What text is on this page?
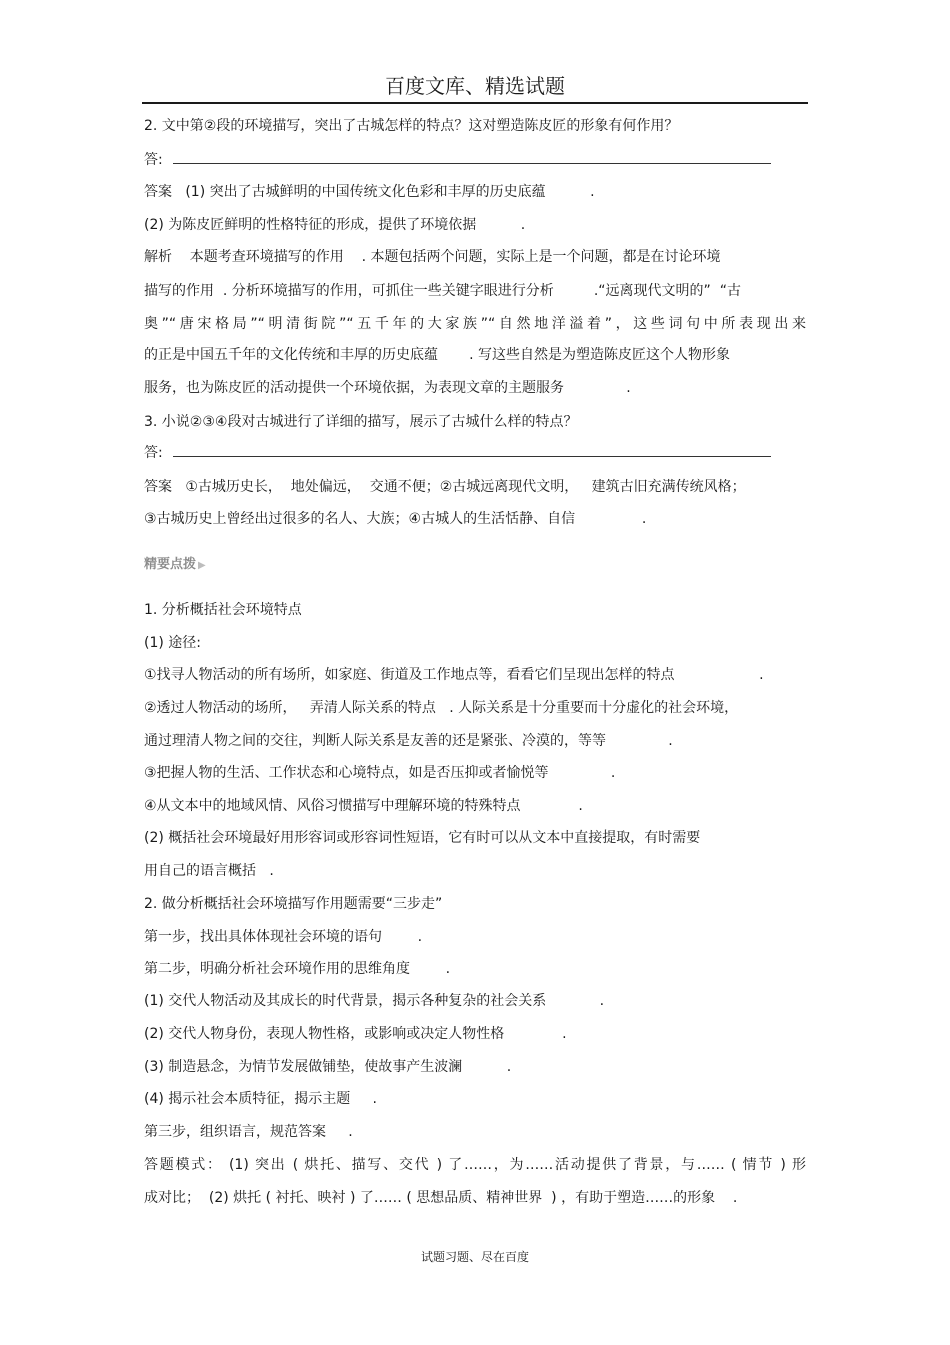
百度文库、精选试题

2. 文中第②段的环境描写，突出了古城怎样的特点？这对塑造陈皮匠的形象有何作用？

答:

答案   (1) 突出了古城鲜明的中国传统文化色彩和丰厚的历史底蕴          .

(2) 为陈皮匠鲜明的性格特征的形成，提供了环境依据          .

解析    本题考查环境描写的作用    . 本题包括两个问题，实际上是一个问题，都是在讨论环境

描写的作用  . 分析环境描写的作用，可抓住一些关键字眼进行分析         .“远离现代文明的”  “古

奥”“唐宋格局”“明清街院”“五千年的大家族”“自然地洋溢着”，这些词句中所表现出来

的正是中国五千年的文化传统和丰厚的历史底蕴       . 写这些自然是为塑造陈皮匠这个人物形象

服务，也为陈皮匠的活动提供一个环境依据，为表现文章的主题服务              .

3. 小说②③④段对古城进行了详细的描写，展示了古城什么样的特点？

答:

答案   ①古城历史长，  地处偏远，  交通不便；②古城远离现代文明，   建筑古旧充满传统风格；

③古城历史上曾经出过很多的名人、大族；④古城人的生活恬静、自信               .

精要点拨 ▶

1. 分析概括社会环境特点

(1) 途径:

①找寻人物活动的所有场所，如家庭、街道及工作地点等，看看它们呈现出怎样的特点                   .

②透过人物活动的场所，   弄清人际关系的特点   . 人际关系是十分重要而十分虚化的社会环境，

通过理清人物之间的交往，判断人际关系是友善的还是紧张、冷漠的，等等              .

③把握人物的生活、工作状态和心境特点，如是否压抑或者愉悦等              .

④从文本中的地域风情、风俗习惯描写中理解环境的特殊特点             .

(2) 概括社会环境最好用形容词或形容词性短语，它有时可以从文本中直接提取，有时需要

用自己的语言概括   .

2. 做分析概括社会环境描写作用题需要“三步走”

第一步，找出具体体现社会环境的语句        .

第二步，明确分析社会环境作用的思维角度        .

(1) 交代人物活动及其成长的时代背景，揭示各种复杂的社会关系            .

(2) 交代人物身份，表现人物性格，或影响或决定人物性格             .

(3) 制造悬念，为情节发展做铺垫，使故事产生波澜          .

(4) 揭示社会本质特征，揭示主题     .

第三步，组织语言，规范答案     .

答题模式： (1) 突出 ( 烘托、描写、交代 ) 了……，为……活动提供了背景，与…… ( 情节 ) 形

成对比；  (2) 烘托 ( 衬托、映衬 ) 了…… ( 思想品质、精神世界  ) ，有助于塑造……的形象    .

试题习题、尽在百度
